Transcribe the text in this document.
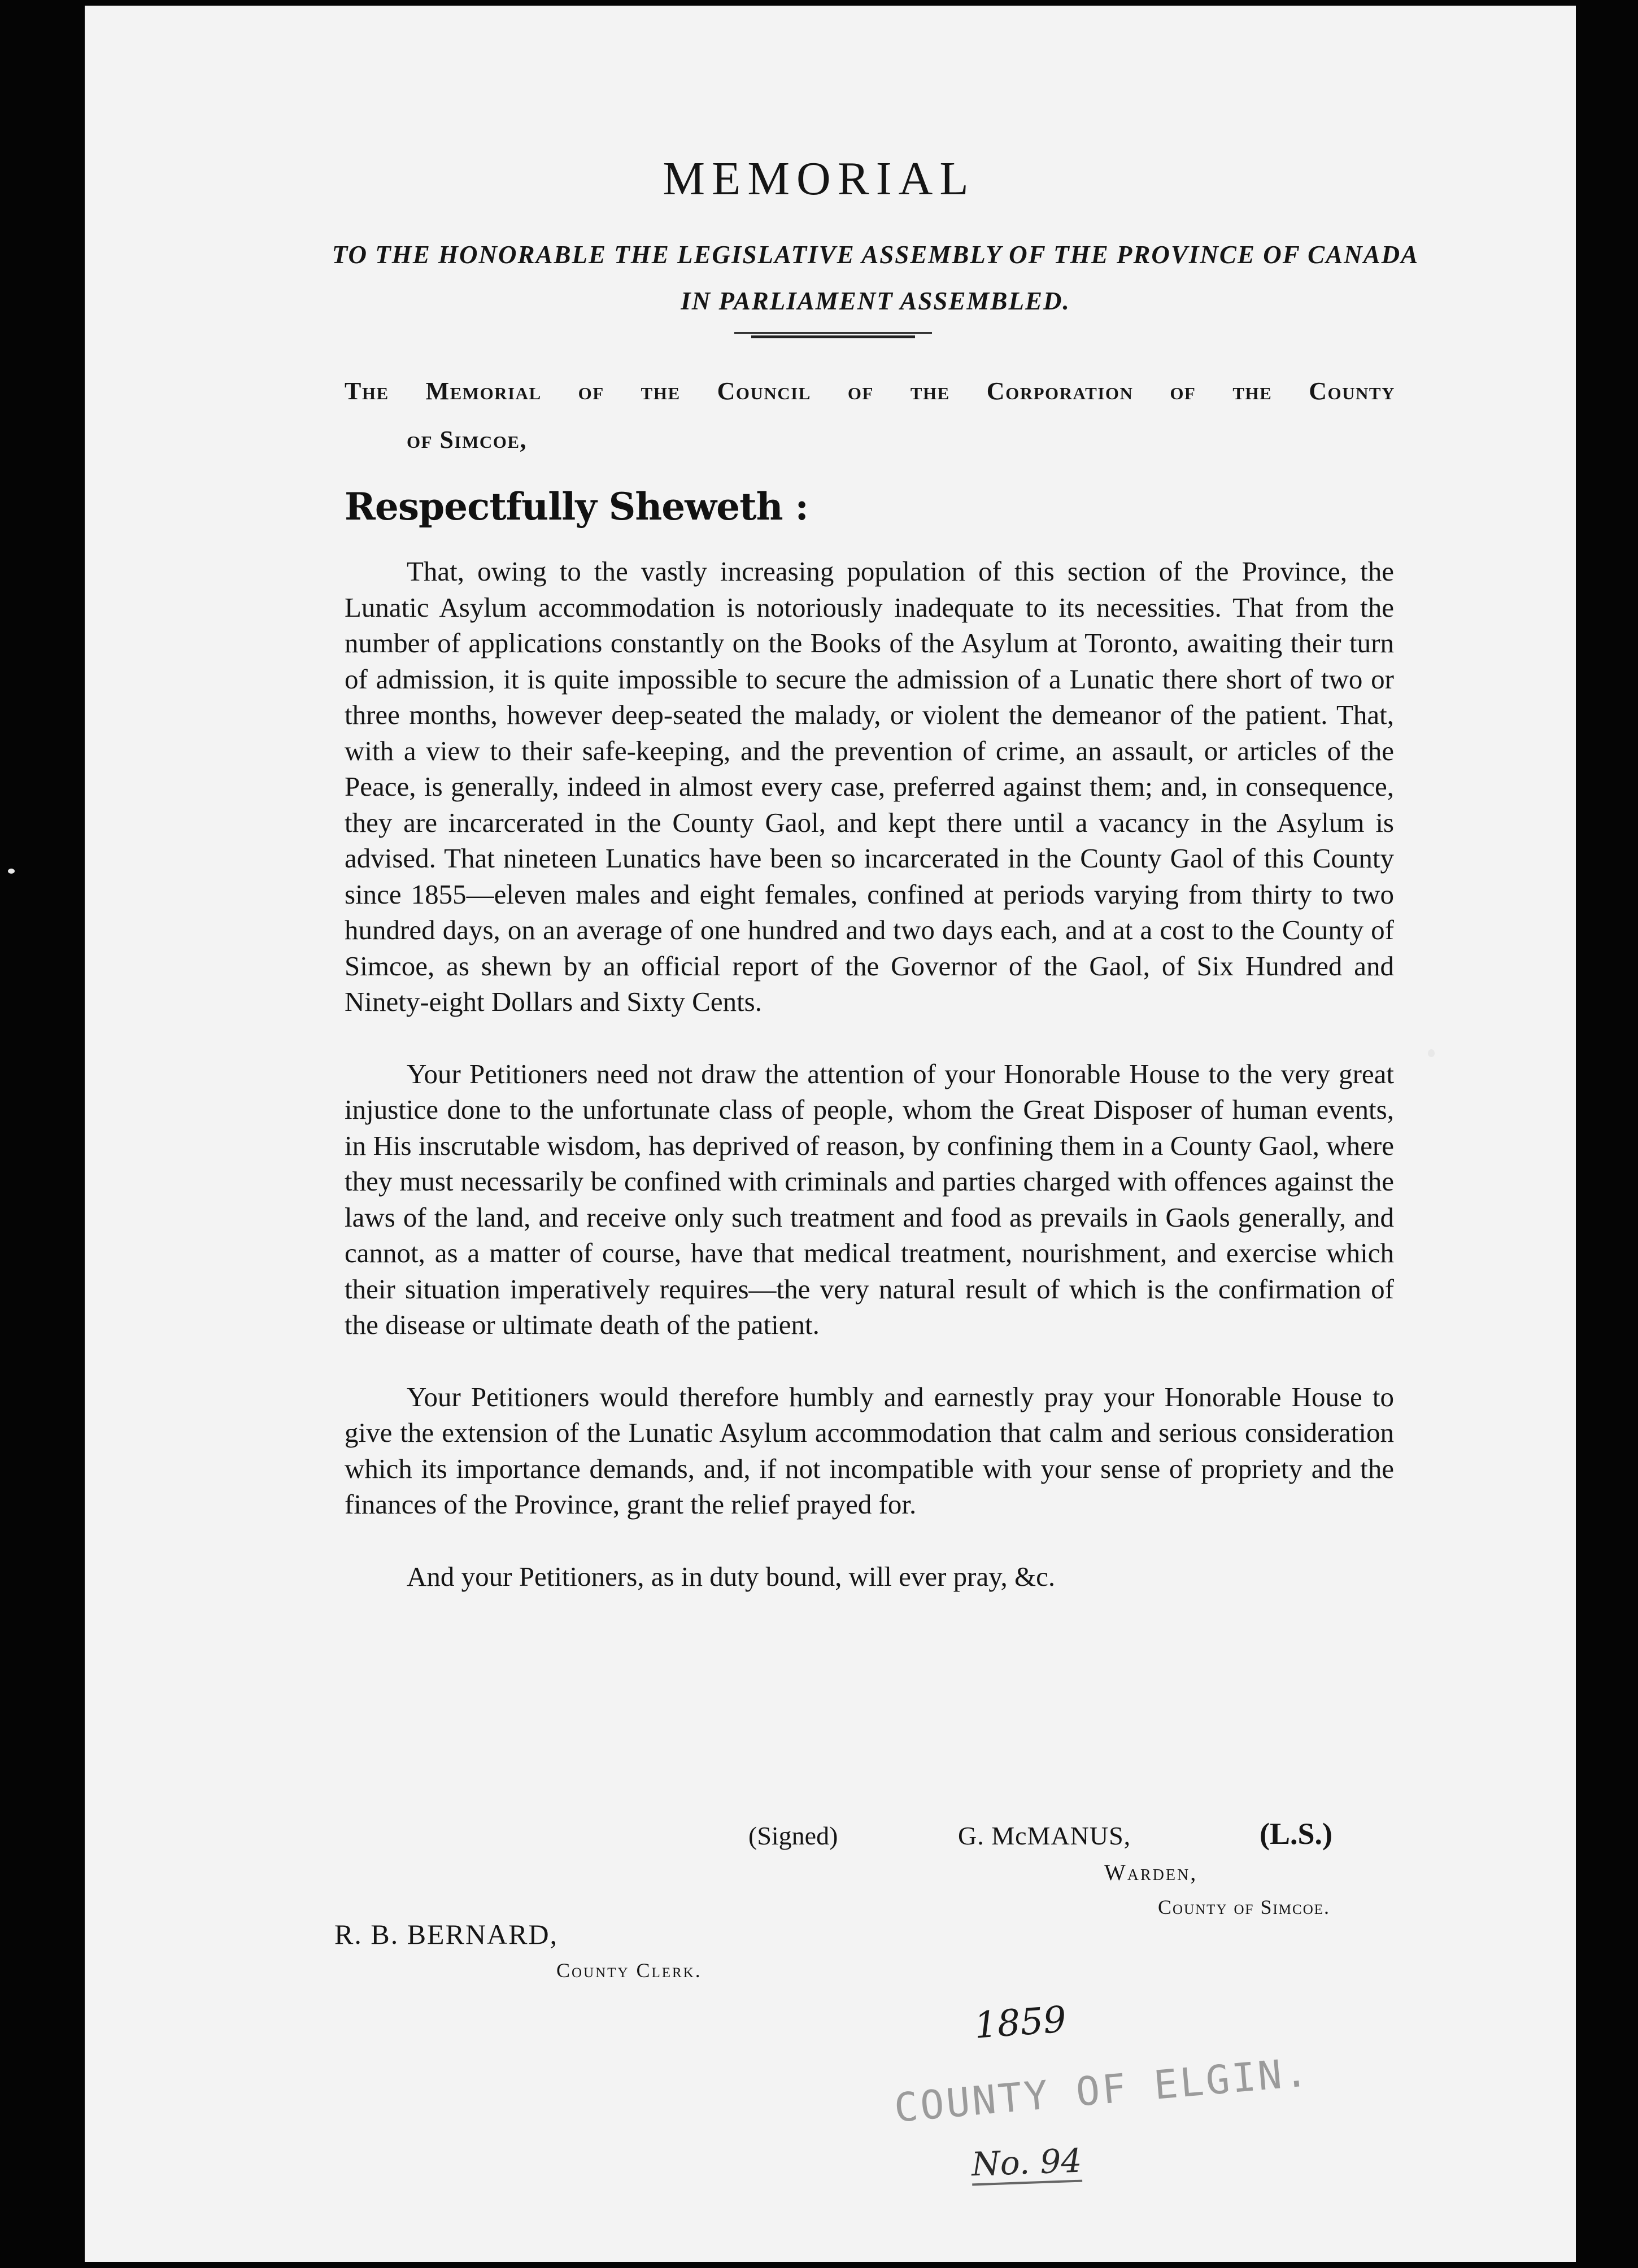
MEMORIAL
TO THE HONORABLE THE LEGISLATIVE ASSEMBLY OF THE PROVINCE OF CANADA IN PARLIAMENT ASSEMBLED.
The Memorial of the Council of the Corporation of the County
of Simcoe,
Respectfully Sheweth :

That, owing to the vastly increasing population of this section of the Province, the Lunatic Asylum accommodation is notoriously inadequate to its necessities. That from the number of applications constantly on the Books of the Asylum at Toronto, awaiting their turn of admission, it is quite impossible to secure the admission of a Lunatic there short of two or three months, however deep-seated the malady, or violent the demeanor of the patient. That, with a view to their safe-keeping, and the prevention of crime, an assault, or articles of the Peace, is generally, indeed in almost every case, preferred against them; and, in consequence, they are incarcerated in the County Gaol, and kept there until a vacancy in the Asylum is advised. That nineteen Lunatics have been so incarcerated in the County Gaol of this County since 1855—eleven males and eight females, confined at periods varying from thirty to two hundred days, on an average of one hundred and two days each, and at a cost to the County of Simcoe, as shewn by an official report of the Governor of the Gaol, of Six Hundred and Ninety-eight Dollars and Sixty Cents.

Your Petitioners need not draw the attention of your Honorable House to the very great injustice done to the unfortunate class of people, whom the Great Disposer of human events, in His inscrutable wisdom, has deprived of reason, by confining them in a County Gaol, where they must necessarily be confined with criminals and parties charged with offences against the laws of the land, and receive only such treatment and food as prevails in Gaols generally, and cannot, as a matter of course, have that medical treatment, nourishment, and exercise which their situation imperatively requires—the very natural result of which is the confirmation of the disease or ultimate death of the patient.

Your Petitioners would therefore humbly and earnestly pray your Honorable House to give the extension of the Lunatic Asylum accommodation that calm and serious consideration which its importance demands, and, if not incompatible with your sense of propriety and the finances of the Province, grant the relief prayed for.

And your Petitioners, as in duty bound, will ever pray, &c.

(Signed)	G. McMANUS,	(L.S.)
Warden,
County of Simcoe.
R. B. BERNARD,
County Clerk.
1859
COUNTY OF ELGIN.
No. 94
